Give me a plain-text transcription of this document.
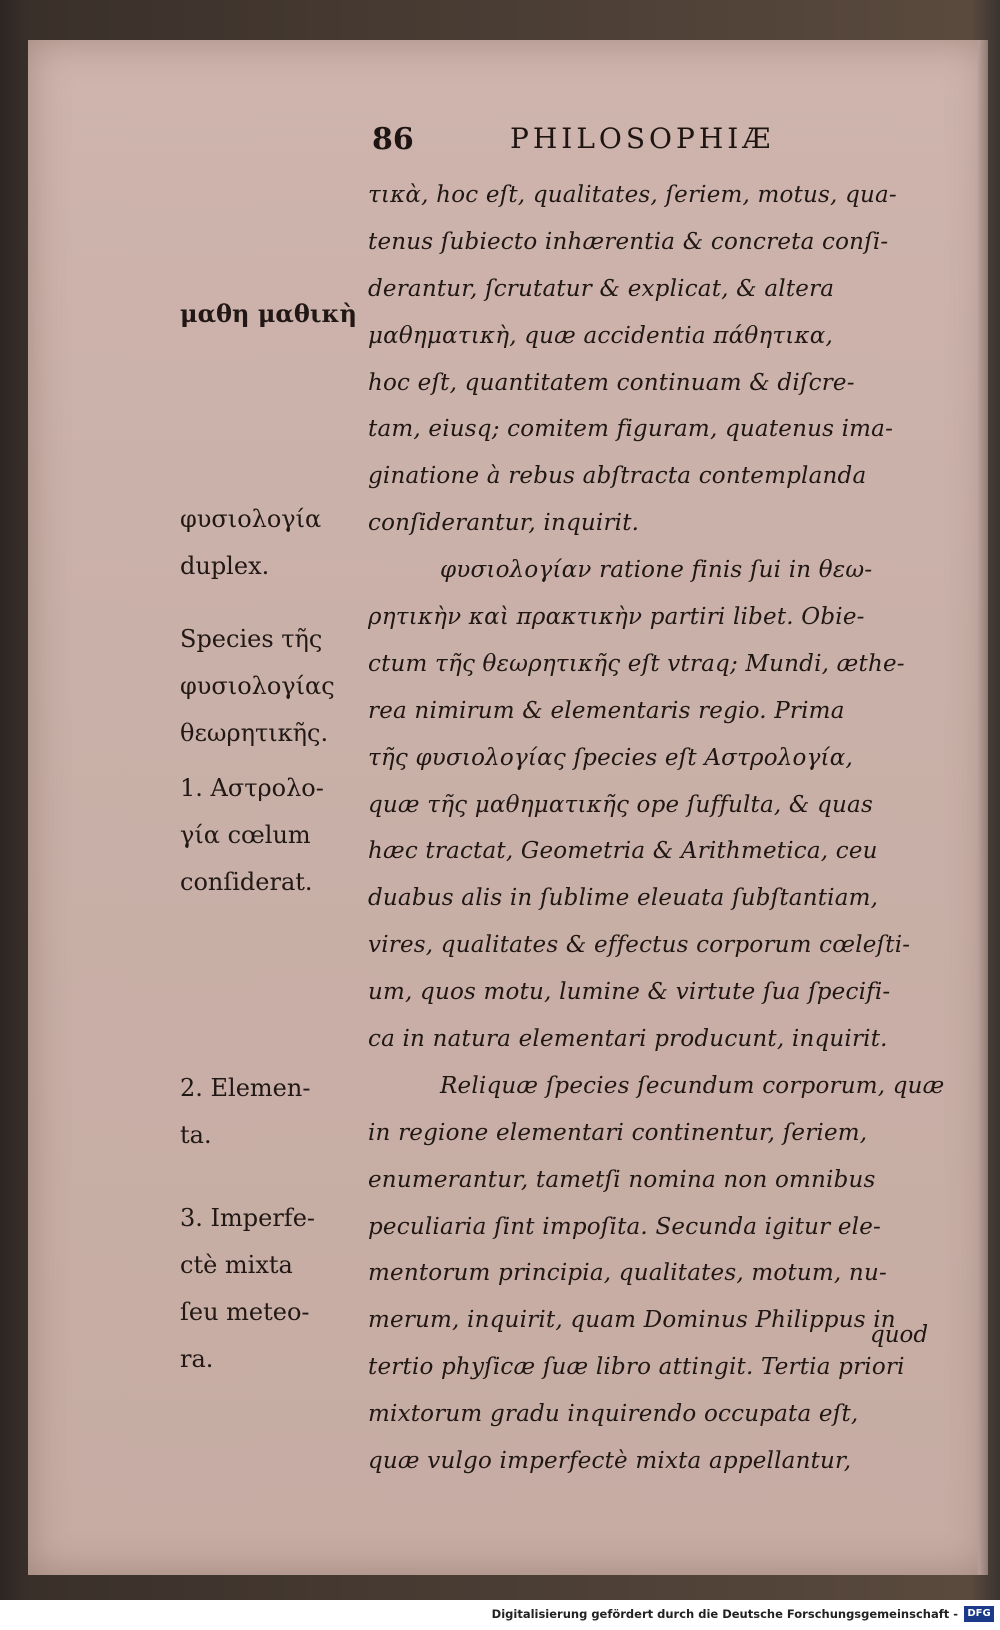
86	PHILOSOPHIÆ
τικὰ, hoc eſt, qualitates, ſeriem, motus, qua-
tenus ſubiecto inhærentia & concreta conſi-
derantur, ſcrutatur & explicat, & altera
μαθηματικὴ, quæ accidentia πάθητικα,
hoc eſt, quantitatem continuam & diſcre-
tam, eiusq; comitem figuram, quatenus ima-
ginatione à rebus abſtracta contemplanda
conſiderantur, inquirit.
φυσιολογίαν ratione finis ſui in θεω-
ρητικὴν καὶ πρακτικὴν partiri libet. Obie-
ctum τῆς θεωρητικῆς eſt vtraq; Mundi, æthe-
rea nimirum & elementaris regio. Prima
τῆς φυσιολογίας ſpecies eſt Αστρολογία,
quæ τῆς μαθηματικῆς ope ſuffulta, & quas
hæc tractat, Geometria & Arithmetica, ceu
duabus alis in ſublime eleuata ſubſtantiam,
vires, qualitates & effectus corporum cœleſti-
um, quos motu, lumine & virtute ſua ſpecifi-
ca in natura elementari producunt, inquirit.
Reliquæ ſpecies ſecundum corporum, quæ
in regione elementari continentur, ſeriem,
enumerantur, tametſi nomina non omnibus
peculiaria ſint impoſita. Secunda igitur ele-
mentorum principia, qualitates, motum, nu-
merum, inquirit, quam Dominus Philippus in
tertio phyſicæ ſuæ libro attingit. Tertia priori
mixtorum gradu inquirendo occupata eſt,
quæ vulgo imperfectè mixta appellantur,
quod
μαθη μαθικὴ
φυσιολογία
duplex.
Species τῆς
φυσιολογίας
θεωρητικῆς.
1. Αστρολο-
γία cœlum
conſiderat.
2. Elemen-
ta.
3. Imperfe-
ctè mixta
ſeu meteo-
ra.
Digitalisierung gefördert durch die Deutsche Forschungsgemeinschaft - DFG
